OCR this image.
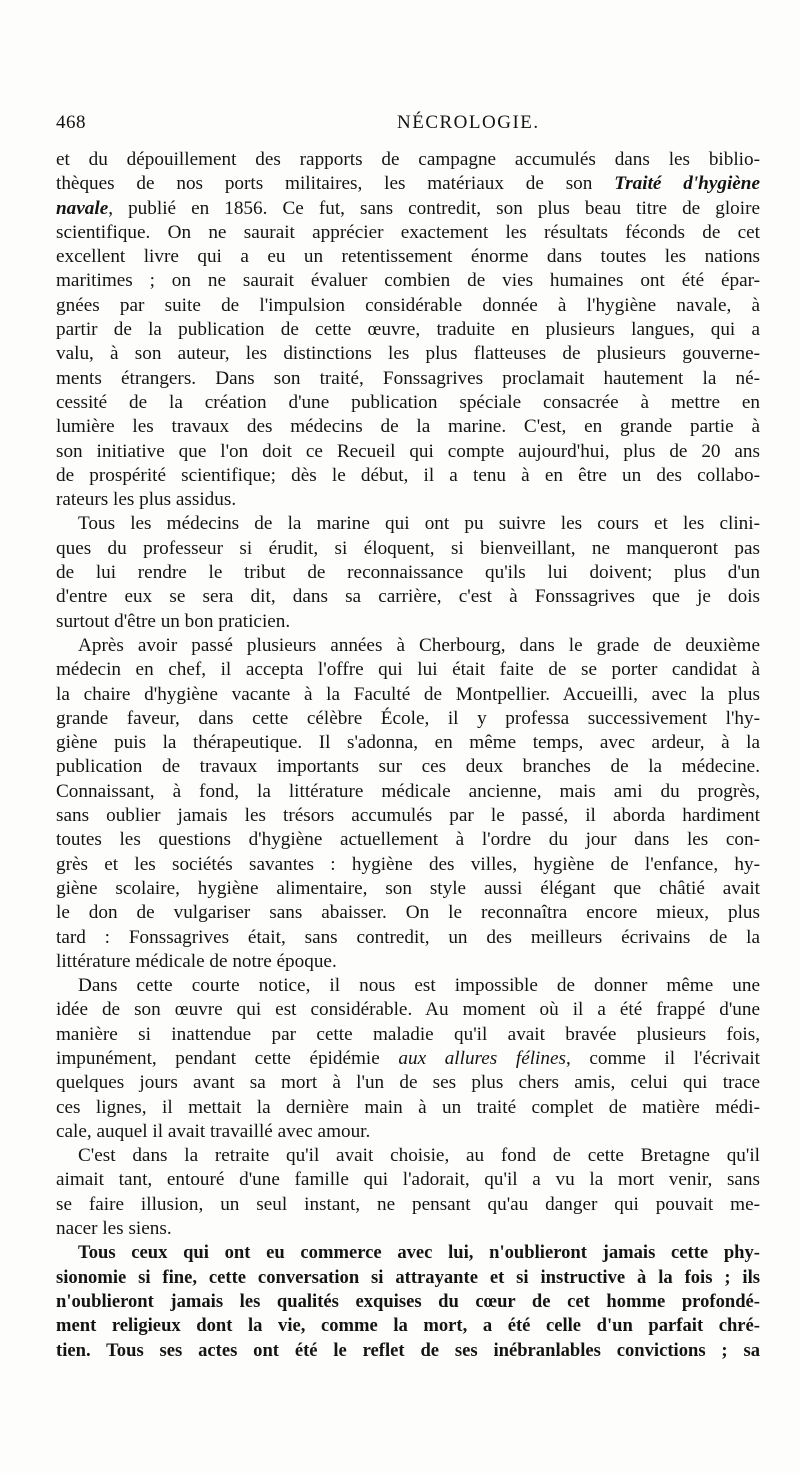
468	NÉCROLOGIE.
et du dépouillement des rapports de campagne accumulés dans les biblio-
thèques de nos ports militaires, les matériaux de son Traité d'hygiène
navale, publié en 1856. Ce fut, sans contredit, son plus beau titre de gloire
scientifique. On ne saurait apprécier exactement les résultats féconds de cet
excellent livre qui a eu un retentissement énorme dans toutes les nations
maritimes ; on ne saurait évaluer combien de vies humaines ont été épar-
gnées par suite de l'impulsion considérable donnée à l'hygiène navale, à
partir de la publication de cette œuvre, traduite en plusieurs langues, qui a
valu, à son auteur, les distinctions les plus flatteuses de plusieurs gouverne-
ments étrangers. Dans son traité, Fonssagrives proclamait hautement la né-
cessité de la création d'une publication spéciale consacrée à mettre en
lumière les travaux des médecins de la marine. C'est, en grande partie à
son initiative que l'on doit ce Recueil qui compte aujourd'hui, plus de 20 ans
de prospérité scientifique; dès le début, il a tenu à en être un des collabo-
rateurs les plus assidus.
Tous les médecins de la marine qui ont pu suivre les cours et les clini-
ques du professeur si érudit, si éloquent, si bienveillant, ne manqueront pas
de lui rendre le tribut de reconnaissance qu'ils lui doivent; plus d'un
d'entre eux se sera dit, dans sa carrière, c'est à Fonssagrives que je dois
surtout d'être un bon praticien.
Après avoir passé plusieurs années à Cherbourg, dans le grade de deuxième
médecin en chef, il accepta l'offre qui lui était faite de se porter candidat à
la chaire d'hygiène vacante à la Faculté de Montpellier. Accueilli, avec la plus
grande faveur, dans cette célèbre École, il y professa successivement l'hy-
giène puis la thérapeutique. Il s'adonna, en même temps, avec ardeur, à la
publication de travaux importants sur ces deux branches de la médecine.
Connaissant, à fond, la littérature médicale ancienne, mais ami du progrès,
sans oublier jamais les trésors accumulés par le passé, il aborda hardiment
toutes les questions d'hygiène actuellement à l'ordre du jour dans les con-
grès et les sociétés savantes : hygiène des villes, hygiène de l'enfance, hy-
giène scolaire, hygiène alimentaire, son style aussi élégant que châtié avait
le don de vulgariser sans abaisser. On le reconnaîtra encore mieux, plus
tard : Fonssagrives était, sans contredit, un des meilleurs écrivains de la
littérature médicale de notre époque.
Dans cette courte notice, il nous est impossible de donner même une
idée de son œuvre qui est considérable. Au moment où il a été frappé d'une
manière si inattendue par cette maladie qu'il avait bravée plusieurs fois,
impunément, pendant cette épidémie aux allures félines, comme il l'écrivait
quelques jours avant sa mort à l'un de ses plus chers amis, celui qui trace
ces lignes, il mettait la dernière main à un traité complet de matière médi-
cale, auquel il avait travaillé avec amour.
C'est dans la retraite qu'il avait choisie, au fond de cette Bretagne qu'il
aimait tant, entouré d'une famille qui l'adorait, qu'il a vu la mort venir, sans
se faire illusion, un seul instant, ne pensant qu'au danger qui pouvait me-
nacer les siens.
Tous ceux qui ont eu commerce avec lui, n'oublieront jamais cette phy-
sionomie si fine, cette conversation si attrayante et si instructive à la fois ; ils
n'oublieront jamais les qualités exquises du cœur de cet homme profondé-
ment religieux dont la vie, comme la mort, a été celle d'un parfait chré-
tien. Tous ses actes ont été le reflet de ses inébranlables convictions ; sa
